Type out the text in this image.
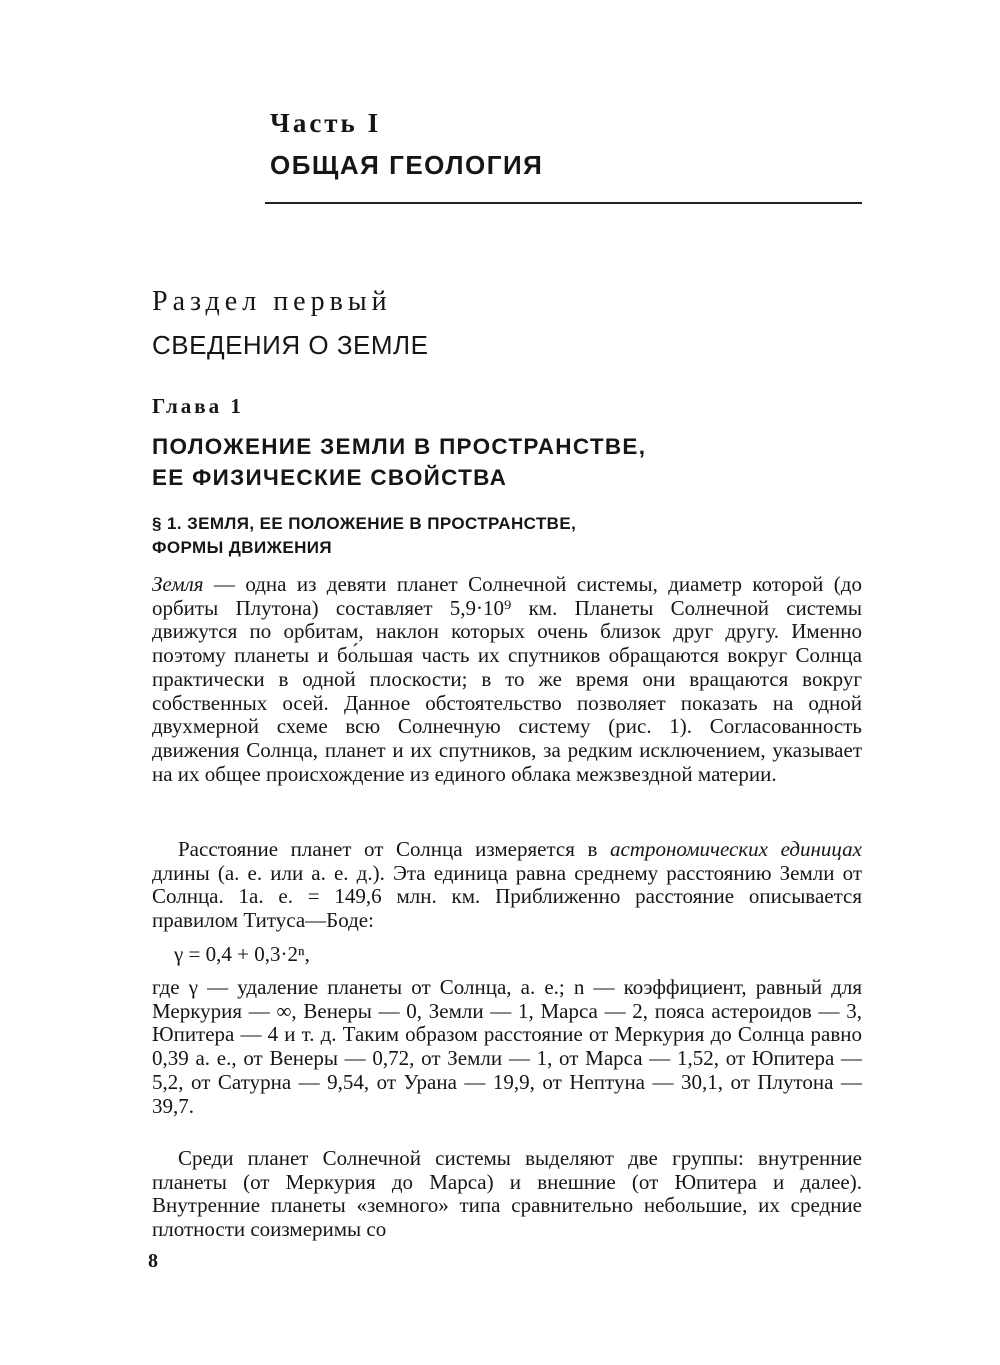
Часть I
ОБЩАЯ ГЕОЛОГИЯ
Раздел первый
СВЕДЕНИЯ О ЗЕМЛЕ
Глава 1
ПОЛОЖЕНИЕ ЗЕМЛИ В ПРОСТРАНСТВЕ,
ЕЕ ФИЗИЧЕСКИЕ СВОЙСТВА
§ 1. ЗЕМЛЯ, ЕЕ ПОЛОЖЕНИЕ В ПРОСТРАНСТВЕ,
ФОРМЫ ДВИЖЕНИЯ
Земля — одна из девяти планет Солнечной системы, диаметр которой (до орбиты Плутона) составляет 5,9·10⁹ км. Планеты Солнечной системы движутся по орбитам, наклон которых очень близок друг другу. Именно поэтому планеты и бо́льшая часть их спутников обращаются вокруг Солнца практически в одной плоскости; в то же время они вращаются вокруг собственных осей. Данное обстоятельство позволяет показать на одной двухмерной схеме всю Солнечную систему (рис. 1). Согласованность движения Солнца, планет и их спутников, за редким исключением, указывает на их общее происхождение из единого облака межзвездной материи.
Расстояние планет от Солнца измеряется в астрономических единицах длины (а. е. или а. е. д.). Эта единица равна среднему расстоянию Земли от Солнца. 1а. е. = 149,6 млн. км. Приближенно расстояние описывается правилом Титуса—Боде:
γ = 0,4 + 0,3·2ⁿ,
где γ — удаление планеты от Солнца, а. е.; n — коэффициент, равный для Меркурия — ∞, Венеры — 0, Земли — 1, Марса — 2, пояса астероидов — 3, Юпитера — 4 и т. д. Таким образом расстояние от Меркурия до Солнца равно 0,39 а. е., от Венеры — 0,72, от Земли — 1, от Марса — 1,52, от Юпитера — 5,2, от Сатурна — 9,54, от Урана — 19,9, от Нептуна — 30,1, от Плутона — 39,7.
Среди планет Солнечной системы выделяют две группы: внутренние планеты (от Меркурия до Марса) и внешние (от Юпитера и далее). Внутренние планеты «земного» типа сравнительно небольшие, их средние плотности соизмеримы со
8
